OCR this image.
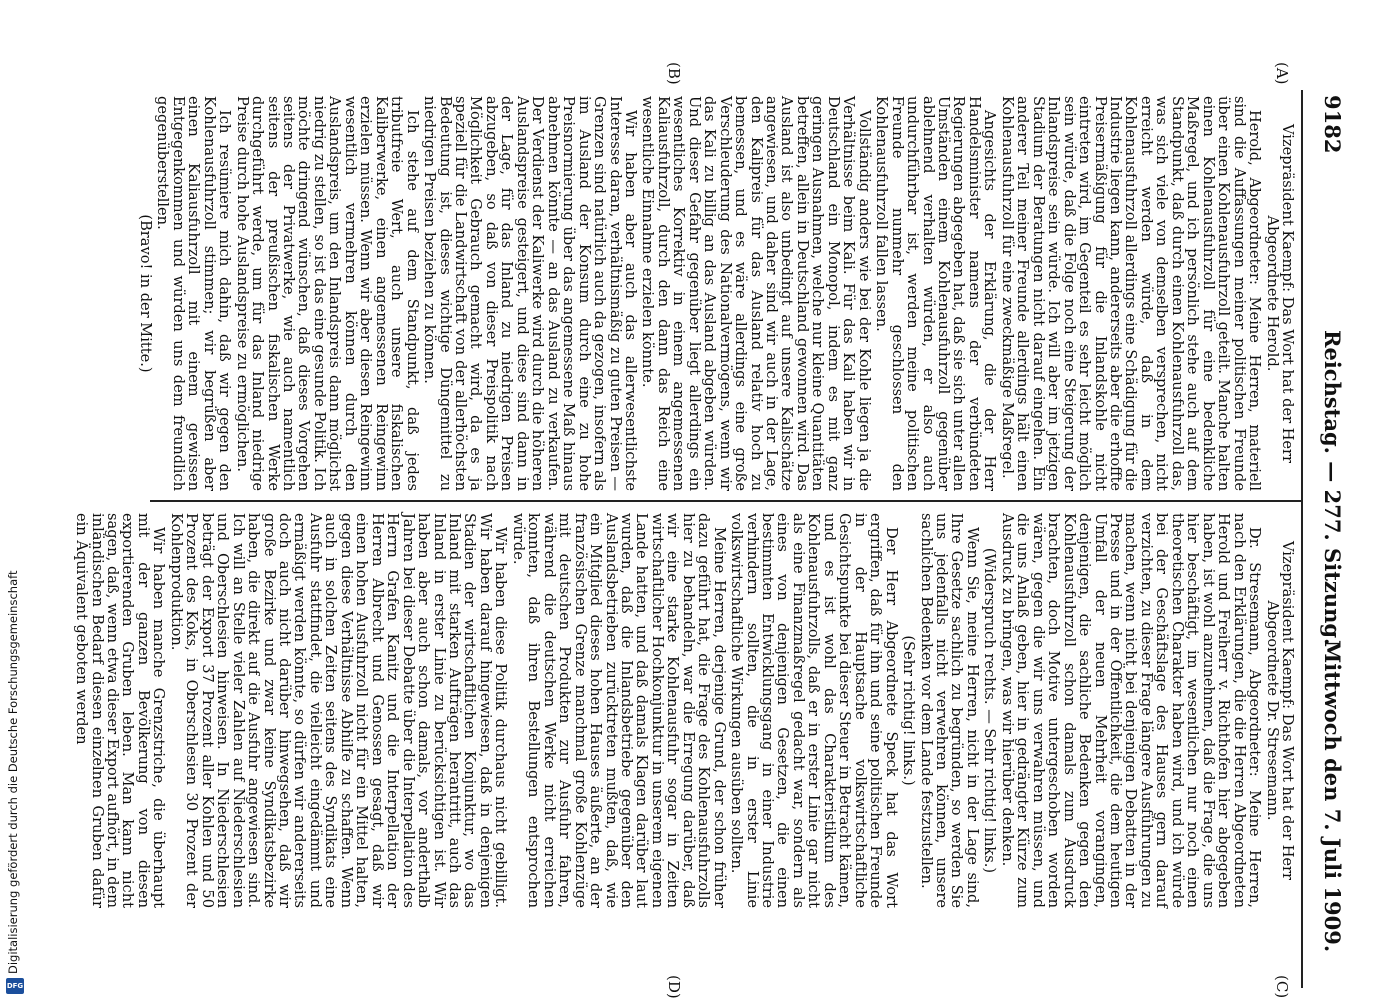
9182
Reichstag. — 277. Sitzung.
Mittwoch den 7. Juli 1909.
(A)
(B)
(C)
(D)

Vizepräsident Kaempf: Das Wort hat der Herr Abgeordnete Herold.

Herold, Abgeordneter: Meine Herren, materiell sind die Auffassungen meiner politischen Freunde über einen Kohlenausfuhrzoll geteilt. Manche halten einen Kohlenausfuhrzoll für eine bedenkliche Maßregel, und ich persönlich stehe auch auf dem Standpunkt, daß durch einen Kohlenausfuhrzoll das, was sich viele von demselben versprechen, nicht erreicht werden würde, daß in dem Kohlenausfuhrzoll allerdings eine Schädigung für die Industrie liegen kann, andererseits aber die erhoffte Preisermäßigung für die Inlandskohle nicht eintreten wird, im Gegenteil es sehr leicht möglich sein würde, daß die Folge noch eine Steigerung der Inlandspreise sein würde. Ich will aber im jetzigen Stadium der Beratungen nicht darauf eingehen. Ein anderer Teil meiner Freunde allerdings hält einen Kohlenausfuhrzoll für eine zweckmäßige Maßregel.

Angesichts der Erklärung, die der Herr Handelsminister namens der verbündeten Regierungen abgegeben hat, daß sie sich unter allen Umständen einem Kohlenausfuhrzoll gegenüber ablehnend verhalten würden, er also auch undurchführbar ist, werden meine politischen Freunde nunmehr geschlossen den Kohlenausfuhrzoll fallen lassen.

Vollständig anders wie bei der Kohle liegen ja die Verhältnisse beim Kali. Für das Kali haben wir in Deutschland ein Monopol, indem es mit ganz geringen Ausnahmen, welche nur kleine Quantitäten betreffen, allein in Deutschland gewonnen wird. Das Ausland ist also unbedingt auf unsere Kalischätze angewiesen, und daher sind wir auch in der Lage, den Kalipreis für das Ausland relativ hoch zu bemessen, und es wäre allerdings eine große Verschleuderung des Nationalvermögens, wenn wir das Kali zu billig an das Ausland abgeben würden. Und dieser Gefahr gegenüber liegt allerdings ein wesentliches Korrektiv in einem angemessenen Kaliausfuhrzoll, durch den dann das Reich eine wesentliche Einnahme erzielen könnte.

Wir haben aber auch das allerwesentlichste Interesse daran, verhältnismäßig zu guten Preisen — Grenzen sind natürlich auch da gezogen, insofern als im Ausland der Konsum durch eine zu hohe Preisnormierung über das angemessene Maß hinaus abnehmen könnte — an das Ausland zu verkaufen. Der Verdienst der Kaliwerke wird durch die höheren Auslandspreise gesteigert, und diese sind dann in der Lage, für das Inland zu niedrigen Preisen abzugeben, so daß von dieser Preispolitik nach Möglichkeit Gebrauch gemacht wird, da es ja speziell für die Landwirtschaft von der allerhöchsten Bedeutung ist, dieses wichtige Düngemittel zu niedrigen Preisen beziehen zu können.

Ich stehe auf dem Standpunkt, daß jedes tributfreie Wert, auch unsere fiskalischen Kaliberwerke, einen angemessenen Reingewinn erzielen müssen. Wenn wir aber diesen Reingewinn wesentlich vermehren können durch den Auslandspreis, um den Inlandspreis dann möglichst niedrig zu stellen, so ist das eine gesunde Politik. Ich möchte dringend wünschen, daß dieses Vorgehen seitens der Privatwerke, wie auch namentlich seitens der preußischen fiskalischen Werke durchgeführt werde, um für das Inland niedrige Preise durch hohe Auslandspreise zu ermöglichen.

Ich resümiere mich dahin, daß wir gegen den Kohlenausfuhrzoll stimmen; wir begrüßen aber einen Kaliausfuhrzoll mit einem gewissen Entgegenkommen und würden uns dem freundlich gegenüberstellen.

(Bravo! in der Mitte.)

Vizepräsident Kaempf: Das Wort hat der Herr Abgeordnete Dr. Stresemann.

Dr. Stresemann, Abgeordneter: Meine Herren, nach den Erklärungen, die die Herren Abgeordneten Herold und Freiherr v. Richthofen hier abgegeben haben, ist wohl anzunehmen, daß die Frage, die uns hier beschäftigt, im wesentlichen nur noch einen theoretischen Charakter haben wird, und ich würde bei der Geschäftslage des Hauses gern darauf verzichten, zu dieser Frage längere Ausführungen zu machen, wenn nicht bei denjenigen Debatten in der Presse und in der Öffentlichkeit, die dem heutigen Umfall der neuen Mehrheit vorangingen, denjenigen, die sachliche Bedenken gegen den Kohlenausfuhrzoll schon damals zum Ausdruck brachten, doch Motive untergeschoben worden wären, gegen die wir uns verwahren müssen, und die uns Anlaß geben, hier in gedrängter Kürze zum Ausdruck zu bringen, was wir hierüber denken.

(Widerspruch rechts. — Sehr richtig! links.)

Wenn Sie, meine Herren, nicht in der Lage sind, Ihre Gesetze sachlich zu begründen, so werden Sie uns jedenfalls nicht verwehren können, unsere sachlichen Bedenken vor dem Lande festzustellen.

(Sehr richtig! links.)

Der Herr Abgeordnete Speck hat das Wort ergriffen, daß für ihn und seine politischen Freunde in der Hauptsache volkswirtschaftliche Gesichtspunkte bei dieser Steuer in Betracht kämen, und es ist wohl das Charakteristikum des Kohlenausfuhrzolls, daß er in erster Linie gar nicht als eine Finanzmaßregel gedacht war, sondern als eines von denjenigen Gesetzen, die einen bestimmten Entwicklungsgang in einer Industrie verhindern sollten, die in erster Linie volkswirtschaftliche Wirkungen ausüben sollten.

Meine Herren, derjenige Grund, der schon früher dazu geführt hat, die Frage des Kohlenausfuhrzolls hier zu behandeln, war die Erregung darüber, daß wir eine starke Kohlenausfuhr sogar in Zeiten wirtschaftlicher Hochkonjunktur in unserem eigenen Lande hatten, und daß damals Klagen darüber laut wurden, daß die Inlandsbetriebe gegenüber den Auslandsbetrieben zurücktreten mußten, daß, wie ein Mitglied dieses hohen Hauses äußerte, an der französischen Grenze manchmal große Kohlenzüge mit deutschen Produkten zur Ausfuhr fahren, während die deutschen Werke nicht erreichen konnten, daß ihren Bestellungen entsprochen würde.

Wir haben diese Politik durchaus nicht gebilligt. Wir haben darauf hingewiesen, daß in denjenigen Stadien der wirtschaftlichen Konjunktur, wo das Inland mit starken Aufträgen herantritt, auch das Inland in erster Linie zu berücksichtigen ist. Wir haben aber auch schon damals, vor anderthalb Jahren bei dieser Debatte über die Interpellation des Herrn Grafen Kanitz und die Interpellation der Herren Albrecht und Genossen gesagt, daß wir einen hohen Ausfuhrzoll nicht für ein Mittel halten, gegen diese Verhältnisse Abhilfe zu schaffen. Wenn auch in solchen Zeiten seitens des Syndikats eine Ausfuhr stattfindet, die vielleicht eingedämmt und ermäßigt werden könnte, so dürfen wir andererseits doch auch nicht darüber hinwegsehen, daß wir große Bezirke und zwar keine Syndikatsbezirke haben, die direkt auf die Ausfuhr angewiesen sind. Ich will an Stelle vieler Zahlen auf Niederschlesien und Oberschlesien hinweisen. In Niederschlesien beträgt der Export 37 Prozent aller Kohlen und 50 Prozent des Koks, in Oberschlesien 30 Prozent der Kohlenproduktion.

Wir haben manche Grenzstriche, die überhaupt mit der ganzen Bevölkerung von diesen exportierenden Gruben leben. Man kann nicht sagen, daß, wenn etwa dieser Export aufhört, in dem inländischen Bedarf diesen einzelnen Gruben dafür ein Äquivalent geboten werden

Digitalisierung gefördert durch die Deutsche Forschungsgemeinschaft
DFG
